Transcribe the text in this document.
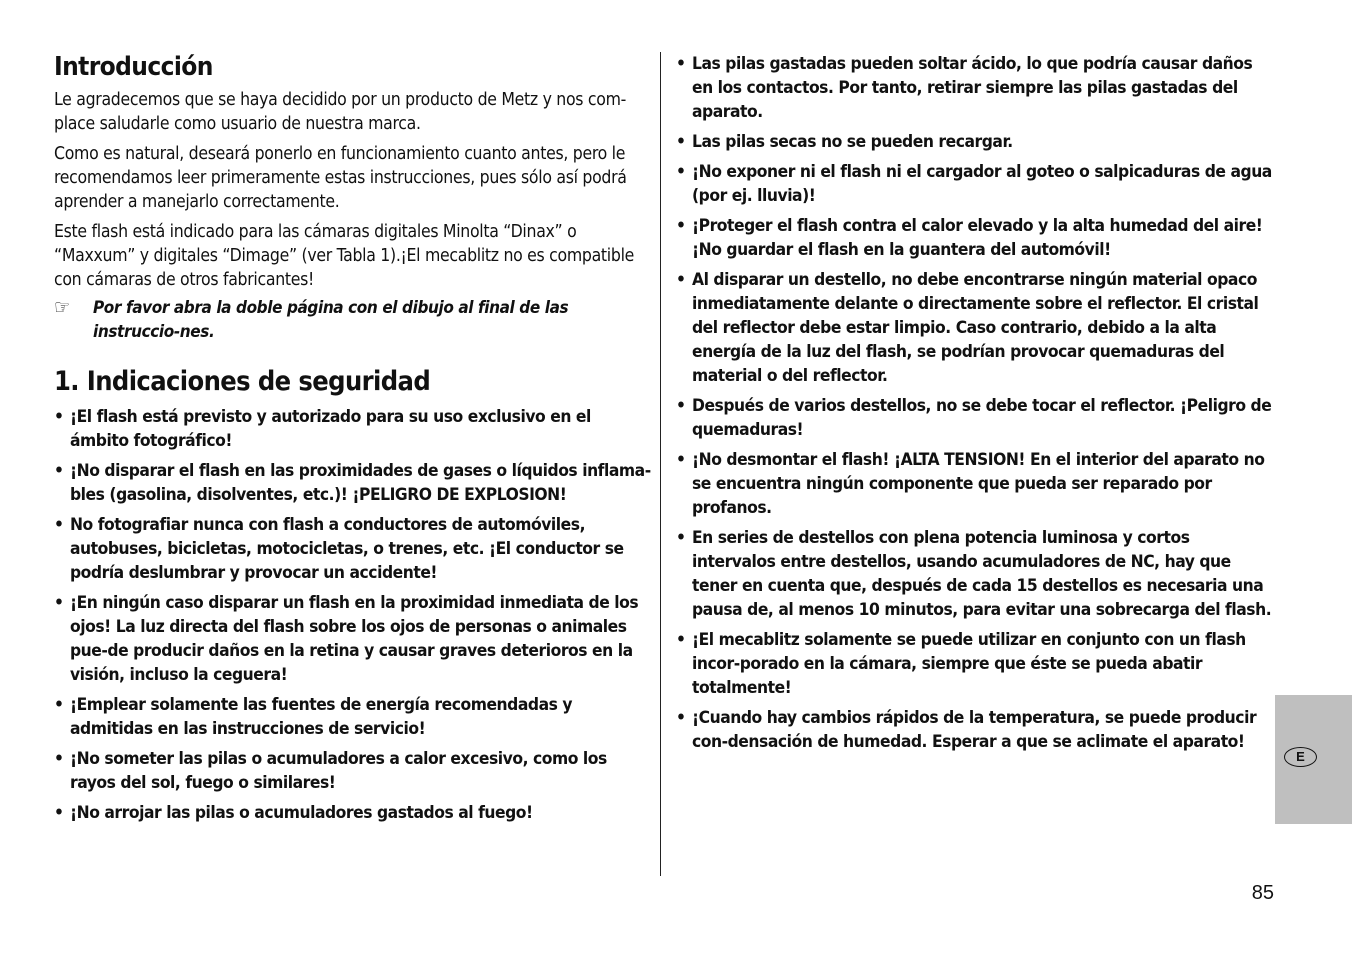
Introducción

Le agradecemos que se haya decidido por un producto de Metz y nos com-place saludarle como usuario de nuestra marca.

Como es natural, deseará ponerlo en funcionamiento cuanto antes, pero le recomendamos leer primeramente estas instrucciones, pues sólo así podrá aprender a manejarlo correctamente.

Este flash está indicado para las cámaras digitales Minolta “Dinax” o “Maxxum” y digitales “Dimage” (ver Tabla 1).¡El mecablitz no es compatible con cámaras de otros fabricantes!

☞	Por favor abra la doble página con el dibujo al final de las instruccio-nes.
1. Indicaciones de seguridad
• ¡El flash está previsto y autorizado para su uso exclusivo en el ámbito fotográfico!
• ¡No disparar el flash en las proximidades de gases o líquidos inflama-bles (gasolina, disolventes, etc.)! ¡PELIGRO DE EXPLOSION!
• No fotografiar nunca con flash a conductores de automóviles, autobuses, bicicletas, motocicletas, o trenes, etc. ¡El conductor se podría deslumbrar y provocar un accidente!
• ¡En ningún caso disparar un flash en la proximidad inmediata de los ojos! La luz directa del flash sobre los ojos de personas o animales pue-de producir daños en la retina y causar graves deterioros en la visión, incluso la ceguera!
• ¡Emplear solamente las fuentes de energía recomendadas y admitidas en las instrucciones de servicio!
• ¡No someter las pilas o acumuladores a calor excesivo, como los rayos del sol, fuego o similares!
• ¡No arrojar las pilas o acumuladores gastados al fuego!
• Las pilas gastadas pueden soltar ácido, lo que podría causar daños en los contactos. Por tanto, retirar siempre las pilas gastadas del aparato.
• Las pilas secas no se pueden recargar.
• ¡No exponer ni el flash ni el cargador al goteo o salpicaduras de agua (por ej. lluvia)!
• ¡Proteger el flash contra el calor elevado y la alta humedad del aire! ¡No guardar el flash en la guantera del automóvil!
• Al disparar un destello, no debe encontrarse ningún material opaco inmediatamente delante o directamente sobre el reflector. El cristal del reflector debe estar limpio. Caso contrario, debido a la alta energía de la luz del flash, se podrían provocar quemaduras del material o del reflector.
• Después de varios destellos, no se debe tocar el reflector. ¡Peligro de quemaduras!
• ¡No desmontar el flash! ¡ALTA TENSION! En el interior del aparato no se encuentra ningún componente que pueda ser reparado por profanos.
• En series de destellos con plena potencia luminosa y cortos intervalos entre destellos, usando acumuladores de NC, hay que tener en cuenta que, después de cada 15 destellos es necesaria una pausa de, al menos 10 minutos, para evitar una sobrecarga del flash.
• ¡El mecablitz solamente se puede utilizar en conjunto con un flash incor-porado en la cámara, siempre que éste se pueda abatir totalmente!
• ¡Cuando hay cambios rápidos de la temperatura, se puede producir con-densación de humedad. Esperar a que se aclimate el aparato!
E
85
